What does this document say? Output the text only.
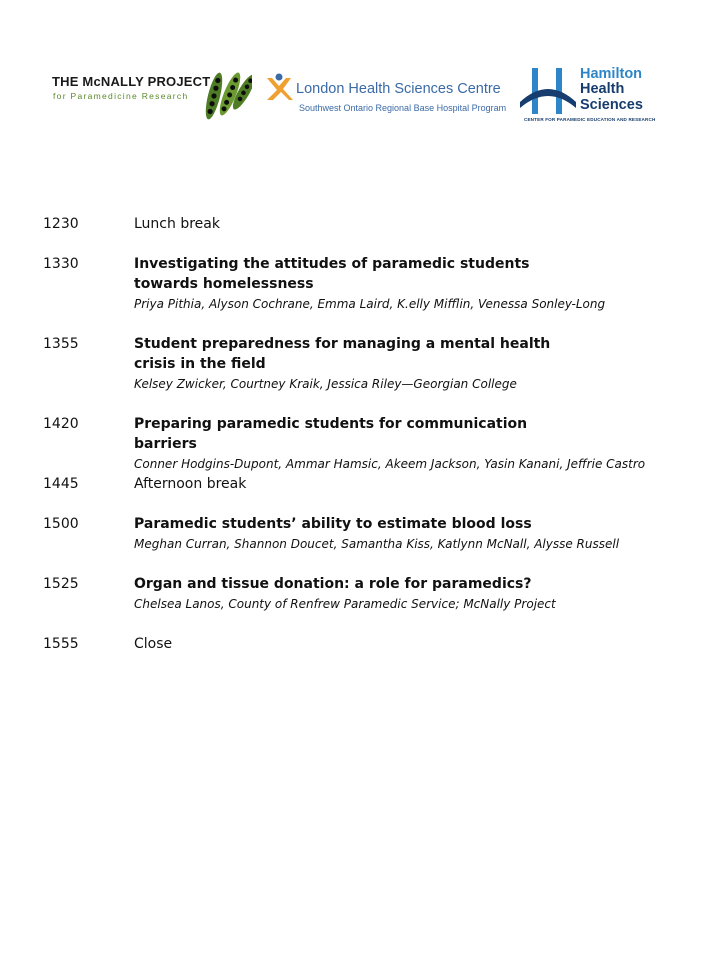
THE McNALLY PROJECT
for Paramedicine Research	London Health Sciences Centre
Southwest Ontario Regional Base Hospital Program
Hamilton
Health
Sciences
CENTER FOR PARAMEDIC EDUCATION AND RESEARCH
1230	Lunch break
1330	Investigating the attitudes of paramedic students towards homelessness
Priya Pithia, Alyson Cochrane, Emma Laird, K.elly Mifflin, Venessa Sonley-Long
1355	Student preparedness for managing a mental health crisis in the field
Kelsey Zwicker, Courtney Kraik, Jessica Riley—Georgian College
1420	Preparing paramedic students for communication barriers
Conner Hodgins-Dupont, Ammar Hamsic, Akeem Jackson, Yasin Kanani, Jeffrie Castro
1445	Afternoon break
1500	Paramedic students’ ability to estimate blood loss
Meghan Curran, Shannon Doucet, Samantha Kiss, Katlynn McNall, Alysse Russell
1525	Organ and tissue donation: a role for paramedics?
Chelsea Lanos, County of Renfrew Paramedic Service; McNally Project
1555	Close
